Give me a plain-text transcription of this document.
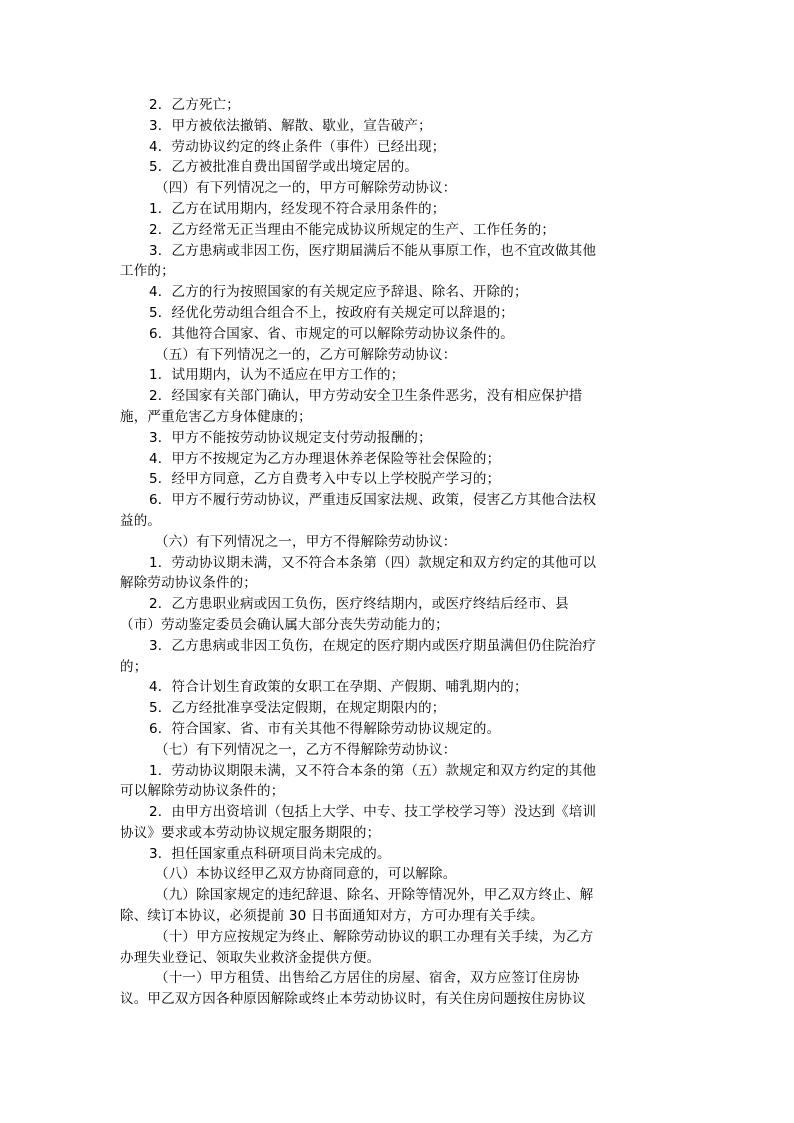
2．乙方死亡；
3．甲方被依法撤销、解散、歇业，宣告破产；
4．劳动协议约定的终止条件（事件）已经出现；
5．乙方被批准自费出国留学或出境定居的。
（四）有下列情况之一的，甲方可解除劳动协议：
1．乙方在试用期内，经发现不符合录用条件的；
2．乙方经常无正当理由不能完成协议所规定的生产、工作任务的；
3．乙方患病或非因工伤，医疗期届满后不能从事原工作，也不宜改做其他
工作的；
4．乙方的行为按照国家的有关规定应予辞退、除名、开除的；
5．经优化劳动组合组合不上，按政府有关规定可以辞退的；
6．其他符合国家、省、市规定的可以解除劳动协议条件的。
（五）有下列情况之一的，乙方可解除劳动协议：
1．试用期内，认为不适应在甲方工作的；
2．经国家有关部门确认，甲方劳动安全卫生条件恶劣，没有相应保护措
施，严重危害乙方身体健康的；
3．甲方不能按劳动协议规定支付劳动报酬的；
4．甲方不按规定为乙方办理退休养老保险等社会保险的；
5．经甲方同意，乙方自费考入中专以上学校脱产学习的；
6．甲方不履行劳动协议，严重违反国家法规、政策，侵害乙方其他合法权
益的。
（六）有下列情况之一，甲方不得解除劳动协议：
1．劳动协议期未满，又不符合本条第（四）款规定和双方约定的其他可以
解除劳动协议条件的；
2．乙方患职业病或因工负伤，医疗终结期内，或医疗终结后经市、县
（市）劳动鉴定委员会确认属大部分丧失劳动能力的；
3．乙方患病或非因工负伤，在规定的医疗期内或医疗期虽满但仍住院治疗
的；
4．符合计划生育政策的女职工在孕期、产假期、哺乳期内的；
5．乙方经批准享受法定假期，在规定期限内的；
6．符合国家、省、市有关其他不得解除劳动协议规定的。
（七）有下列情况之一，乙方不得解除劳动协议：
1．劳动协议期限未满，又不符合本条的第（五）款规定和双方约定的其他
可以解除劳动协议条件的；
2．由甲方出资培训（包括上大学、中专、技工学校学习等）没达到《培训
协议》要求或本劳动协议规定服务期限的；
3．担任国家重点科研项目尚未完成的。
（八）本协议经甲乙双方协商同意的，可以解除。
（九）除国家规定的违纪辞退、除名、开除等情况外，甲乙双方终止、解
除、续订本协议，必须提前 30 日书面通知对方，方可办理有关手续。
（十）甲方应按规定为终止、解除劳动协议的职工办理有关手续，为乙方
办理失业登记、领取失业救济金提供方便。
（十一）甲方租赁、出售给乙方居住的房屋、宿舍，双方应签订住房协
议。甲乙双方因各种原因解除或终止本劳动协议时，有关住房问题按住房协议
